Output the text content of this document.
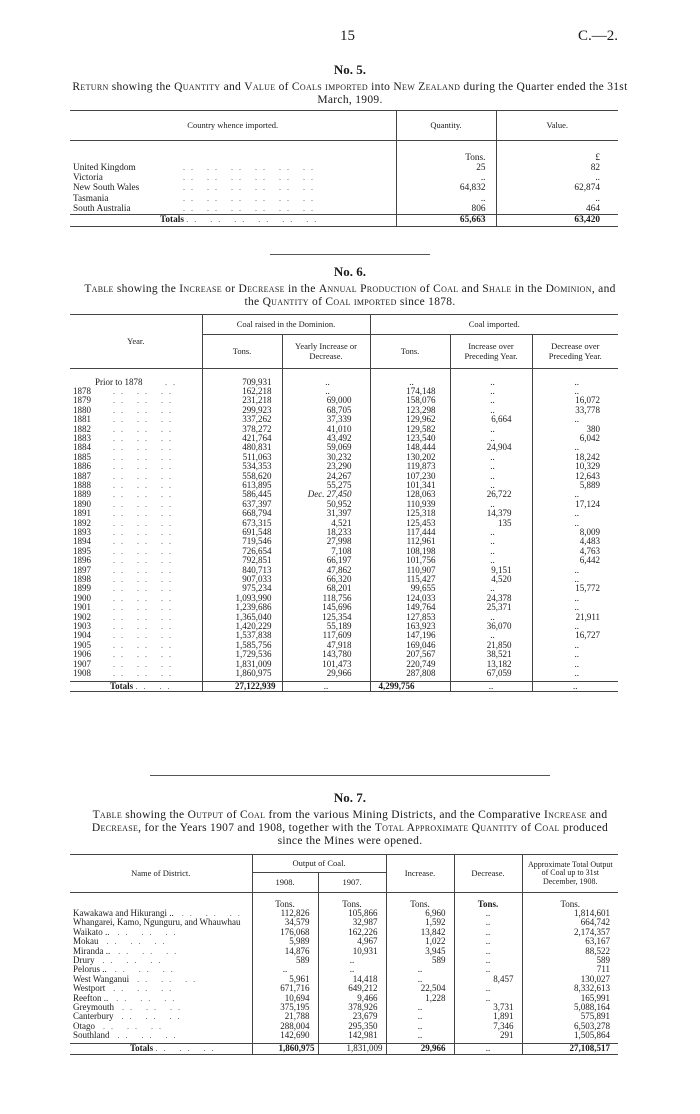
15	C.—2.
No. 5.
Return showing the Quantity and Value of Coals imported into New Zealand during the Quarter ended the 31st March, 1909.
Country whence imported.	Quantity.	Value.

	Tons.	£
United Kingdom .. .. .. .. .. ..	25	82
Victoria .. .. .. .. .. ..	..	..
New South Wales .. .. .. .. .. ..	64,832	62,874
Tasmania .. .. .. .. .. ..	..	..
South Australia .. .. .. .. .. ..	806	464
Totals .. .. .. .. .. ..	65,663	63,420
No. 6.
Table showing the Increase or Decrease in the Annual Production of Coal and Shale in the Dominion, and the Quantity of Coal imported since 1878.
Year.	Coal raised in the Dominion.		Coal imported.		
	Tons.	Yearly Increase or Decrease.	Tons.	Increase over Preceding Year.	Decrease over Preceding Year.

Prior to 1878 ..	709,931	..	..	..	..
1878 .. .. ..	162,218	..	174,148	..	..
1879 .. .. ..	231,218	69,000	158,076	..	16,072
1880 .. .. ..	299,923	68,705	123,298	..	33,778
1881 .. .. ..	337,262	37,339	129,962	6,664	..
1882 .. .. ..	378,272	41,010	129,582	..	380
1883 .. .. ..	421,764	43,492	123,540	..	6,042
1884 .. .. ..	480,831	59,069	148,444	24,904	..
1885 .. .. ..	511,063	30,232	130,202	..	18,242
1886 .. .. ..	534,353	23,290	119,873	..	10,329
1887 .. .. ..	558,620	24,267	107,230	..	12,643
1888 .. .. ..	613,895	55,275	101,341	..	5,889
1889 .. .. ..	586,445	Dec. 27,450	128,063	26,722	..
1890 .. .. ..	637,397	50,952	110,939	..	17,124
1891 .. .. ..	668,794	31,397	125,318	14,379	..
1892 .. .. ..	673,315	4,521	125,453	135	..
1893 .. .. ..	691,548	18,233	117,444	..	8,009
1894 .. .. ..	719,546	27,998	112,961	..	4,483
1895 .. .. ..	726,654	7,108	108,198	..	4,763
1896 .. .. ..	792,851	66,197	101,756	..	6,442
1897 .. .. ..	840,713	47,862	110,907	9,151	..
1898 .. .. ..	907,033	66,320	115,427	4,520	..
1899 .. .. ..	975,234	68,201	99,655	..	15,772
1900 .. .. ..	1,093,990	118,756	124,033	24,378	..
1901 .. .. ..	1,239,686	145,696	149,764	25,371	..
1902 .. .. ..	1,365,040	125,354	127,853	..	21,911
1903 .. .. ..	1,420,229	55,189	163,923	36,070	..
1904 .. .. ..	1,537,838	117,609	147,196	..	16,727
1905 .. .. ..	1,585,756	47,918	169,046	21,850	..
1906 .. .. ..	1,729,536	143,780	207,567	38,521	..
1907 .. .. ..	1,831,009	101,473	220,749	13,182	..
1908 .. .. ..	1,860,975	29,966	287,808	67,059	..

Totals .. ..	27,122,939	..	4,299,756	..	..
No. 7.
Table showing the Output of Coal from the various Mining Districts, and the Comparative Increase and Decrease, for the Years 1907 and 1908, together with the Total Approximate Quantity of Coal produced since the Mines were opened.
Name of District.	Output of Coal.		Increase.	Decrease.	Approximate Total Output of Coal up to 31st December, 1908.
	1908.	1907.			

	Tons.	Tons.	Tons.	Tons.	Tons.
Kawakawa and Hikurangi .. .. .. ..	112,826	105,866	6,960	..	1,814,601
Whangarei, Kamo, Ngunguru, and Whauwhau	34,579	32,987	1,592	..	664,742
Waikato .. .. .. ..	176,068	162,226	13,842	..	2,174,357
Mokau .. .. ..	5,989	4,967	1,022	..	63,167
Miranda .. .. .. ..	14,876	10,931	3,945	..	88,522
Drury .. .. ..	589	..	589	..	589
Pelorus .. .. .. ..	..	..	..	..	711
West Wanganui .. .. ..	5,961	14,418	..	8,457	130,027
Westport .. .. ..	671,716	649,212	22,504	..	8,332,613
Reefton .. .. .. ..	10,694	9,466	1,228	..	165,991
Greymouth .. .. ..	375,195	378,926	..	3,731	5,088,164
Canterbury .. .. ..	21,788	23,679	..	1,891	575,891
Otago .. .. ..	288,004	295,350	..	7,346	6,503,278
Southland .. .. ..	142,690	142,981	..	291	1,505,864

Totals .. .. ..	1,860,975	1,831,009	29,966	..	27,108,517
